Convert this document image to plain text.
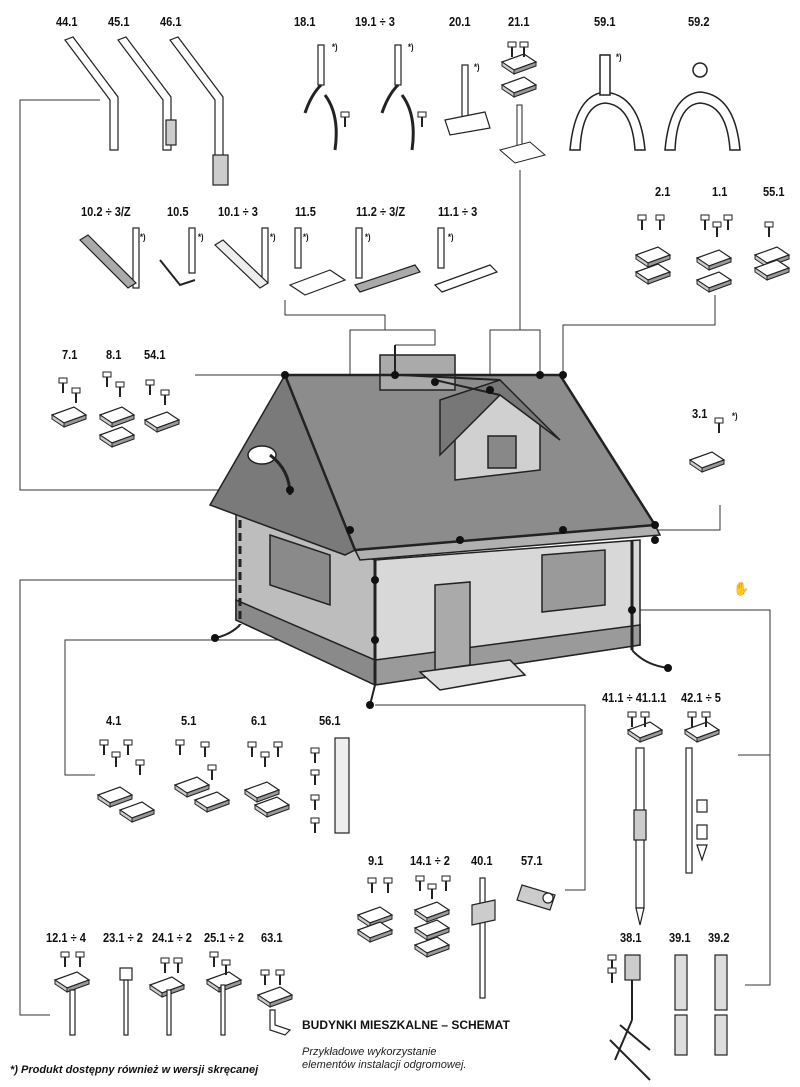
44.1 45.1 46.1	18.1	19.1 ÷ 3	20.1	21.1	59.1	59.2
10.2 ÷ 3/Z	10.5 10.1 ÷ 3	11.5	11.2 ÷ 3/Z	11.1 ÷ 3
2.1	1.1	55.1
7.1 8.1 54.1
3.1
4.1	5.1	6.1	56.1
41.1 ÷ 41.1.1 42.1 ÷ 5
9.1 14.1 ÷ 2 40.1 57.1
12.1 ÷ 4 23.1 ÷ 2 24.1 ÷ 2 25.1 ÷ 2 63.1	38.1 39.1 39.2
*)	*)
*)
*)
*)	*)	*)	*)	*)	*)
*)
✋
BUDYNKI MIESZKALNE – SCHEMAT
Przykładowe wykorzystanie
elementów instalacji odgromowej.
*) Produkt dostępny również w wersji skręcanej
